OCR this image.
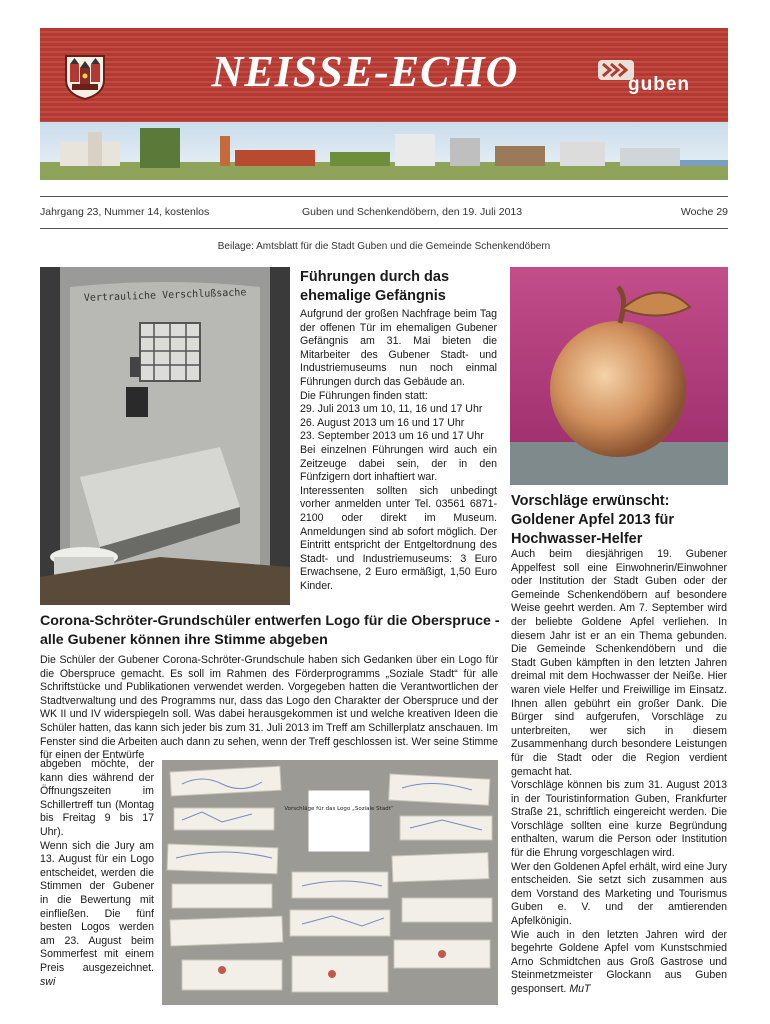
NEISSE-ECHO	guben
Jahrgang 23, Nummer 14, kostenlos	Guben und Schenkendöbern, den 19. Juli 2013	Woche 29
Beilage: Amtsblatt für die Stadt Guben und die Gemeinde Schenkendöbern
Vertrauliche Verschlußsache
Führungen durch das ehemalige Gefängnis

Aufgrund der großen Nachfrage beim Tag der offenen Tür im ehemaligen Gubener Gefängnis am 31. Mai bieten die Mitarbeiter des Gubener Stadt- und Industriemuseums nun noch einmal Führungen durch das Gebäude an.

Die Führungen finden statt:

29. Juli 2013 um 10, 11, 16 und 17 Uhr

26. August 2013 um 16 und 17 Uhr

23. September 2013 um 16 und 17 Uhr

Bei einzelnen Führungen wird auch ein Zeitzeuge dabei sein, der in den Fünfzigern dort inhaftiert war.

Interessenten sollten sich unbedingt vorher anmelden unter Tel. 03561 6871-2100 oder direkt im Museum. Anmeldungen sind ab sofort möglich. Der Eintritt entspricht der Entgeltordnung des Stadt- und Industriemuseums: 3 Euro Erwachsene, 2 Euro ermäßigt, 1,50 Euro Kinder.

Vorschläge erwünscht: Goldener Apfel 2013 für Hochwasser-Helfer

Auch beim diesjährigen 19. Gubener Appelfest soll eine Einwohnerin/Einwohner oder Institution der Stadt Guben oder der Gemeinde Schenkendöbern auf besondere Weise geehrt werden. Am 7. September wird der beliebte Goldene Apfel verliehen. In diesem Jahr ist er an ein Thema gebunden. Die Gemeinde Schenkendöbern und die Stadt Guben kämpften in den letzten Jahren dreimal mit dem Hochwasser der Neiße. Hier waren viele Helfer und Freiwillige im Einsatz. Ihnen allen gebührt ein großer Dank. Die Bürger sind aufgerufen, Vorschläge zu unterbreiten, wer sich in diesem Zusammenhang durch besondere Leistungen für die Stadt oder die Region verdient gemacht hat.

Vorschläge können bis zum 31. August 2013 in der Touristinformation Guben, Frankfurter Straße 21, schriftlich eingereicht werden. Die Vorschläge sollten eine kurze Begründung enthalten, warum die Person oder Institution für die Ehrung vorgeschlagen wird.

Wer den Goldenen Apfel erhält, wird eine Jury entscheiden. Sie setzt sich zusammen aus dem Vorstand des Marketing und Tourismus Guben e. V. und der amtierenden Apfelkönigin.

Wie auch in den letzten Jahren wird der begehrte Goldene Apfel vom Kunstschmied Arno Schmidtchen aus Groß Gastrose und Steinmetzmeister Glockann aus Guben gesponsert. MuT

Corona-Schröter-Grundschüler entwerfen Logo für die Oberspruce - alle Gubener können ihre Stimme abgeben
Die Schüler der Gubener Corona-Schröter-Grundschule haben sich Gedanken über ein Logo für die Oberspruce gemacht. Es soll im Rahmen des Förderprogramms „Soziale Stadt“ für alle Schriftstücke und Publikationen verwendet werden. Vorgegeben hatten die Verantwortlichen der Stadtverwaltung und des Programms nur, dass das Logo den Charakter der Oberspruce und der WK II und IV widerspiegeln soll. Was dabei herausgekommen ist und welche kreativen Ideen die Schüler hatten, das kann sich jeder bis zum 31. Juli 2013 im Treff am Schillerplatz anschauen. Im Fenster sind die Arbeiten auch dann zu sehen, wenn der Treff geschlossen ist. Wer seine Stimme für einen der Entwürfe

abgeben möchte, der kann dies während der Öffnungszeiten im Schillertreff tun (Montag bis Freitag 9 bis 17 Uhr).

Wenn sich die Jury am 13. August für ein Logo entscheidet, werden die Stimmen der Gubener in die Bewertung mit einfließen. Die fünf besten Logos werden am 23. August beim Sommerfest mit einem Preis ausgezeichnet. swi

Vorschläge für das Logo „Soziale Stadt“
